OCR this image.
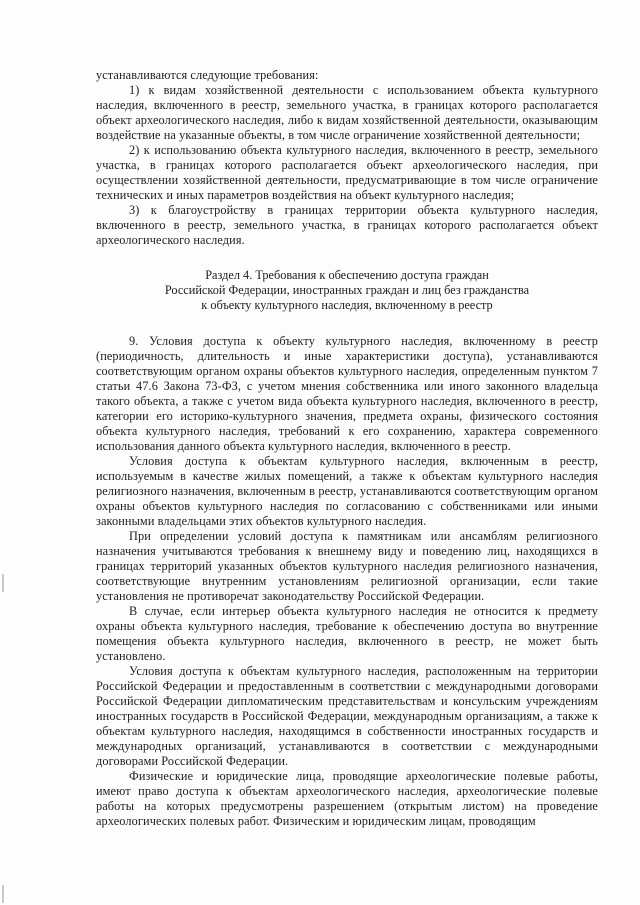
устанавливаются следующие требования:

1) к видам хозяйственной деятельности с использованием объекта культурного наследия, включенного в реестр, земельного участка, в границах которого располагается объект археологического наследия, либо к видам хозяйственной деятельности, оказывающим воздействие на указанные объекты, в том числе ограничение хозяйственной деятельности;

2) к использованию объекта культурного наследия, включенного в реестр, земельного участка, в границах которого располагается объект археологического наследия, при осуществлении хозяйственной деятельности, предусматривающие в том числе ограничение технических и иных параметров воздействия на объект культурного наследия;

3) к благоустройству в границах территории объекта культурного наследия, включенного в реестр, земельного участка, в границах которого располагается объект археологического наследия.

Раздел 4. Требования к обеспечению доступа граждан
Российской Федерации, иностранных граждан и лиц без гражданства
к объекту культурного наследия, включенному в реестр

9. Условия доступа к объекту культурного наследия, включенному в реестр (периодичность, длительность и иные характеристики доступа), устанавливаются соответствующим органом охраны объектов культурного наследия, определенным пунктом 7 статьи 47.6 Закона 73-ФЗ, с учетом мнения собственника или иного законного владельца такого объекта, а также с учетом вида объекта культурного наследия, включенного в реестр, категории его историко-культурного значения, предмета охраны, физического состояния объекта культурного наследия, требований к его сохранению, характера современного использования данного объекта культурного наследия, включенного в реестр.

Условия доступа к объектам культурного наследия, включенным в реестр, используемым в качестве жилых помещений, а также к объектам культурного наследия религиозного назначения, включенным в реестр, устанавливаются соответствующим органом охраны объектов культурного наследия по согласованию с собственниками или иными законными владельцами этих объектов культурного наследия.

При определении условий доступа к памятникам или ансамблям религиозного назначения учитываются требования к внешнему виду и поведению лиц, находящихся в границах территорий указанных объектов культурного наследия религиозного назначения, соответствующие внутренним установлениям религиозной организации, если такие установления не противоречат законодательству Российской Федерации.

В случае, если интерьер объекта культурного наследия не относится к предмету охраны объекта культурного наследия, требование к обеспечению доступа во внутренние помещения объекта культурного наследия, включенного в реестр, не может быть установлено.

Условия доступа к объектам культурного наследия, расположенным на территории Российской Федерации и предоставленным в соответствии с международными договорами Российской Федерации дипломатическим представительствам и консульским учреждениям иностранных государств в Российской Федерации, международным организациям, а также к объектам культурного наследия, находящимся в собственности иностранных государств и международных организаций, устанавливаются в соответствии с международными договорами Российской Федерации.

Физические и юридические лица, проводящие археологические полевые работы, имеют право доступа к объектам археологического наследия, археологические полевые работы на которых предусмотрены разрешением (открытым листом) на проведение археологических полевых работ. Физическим и юридическим лицам, проводящим
